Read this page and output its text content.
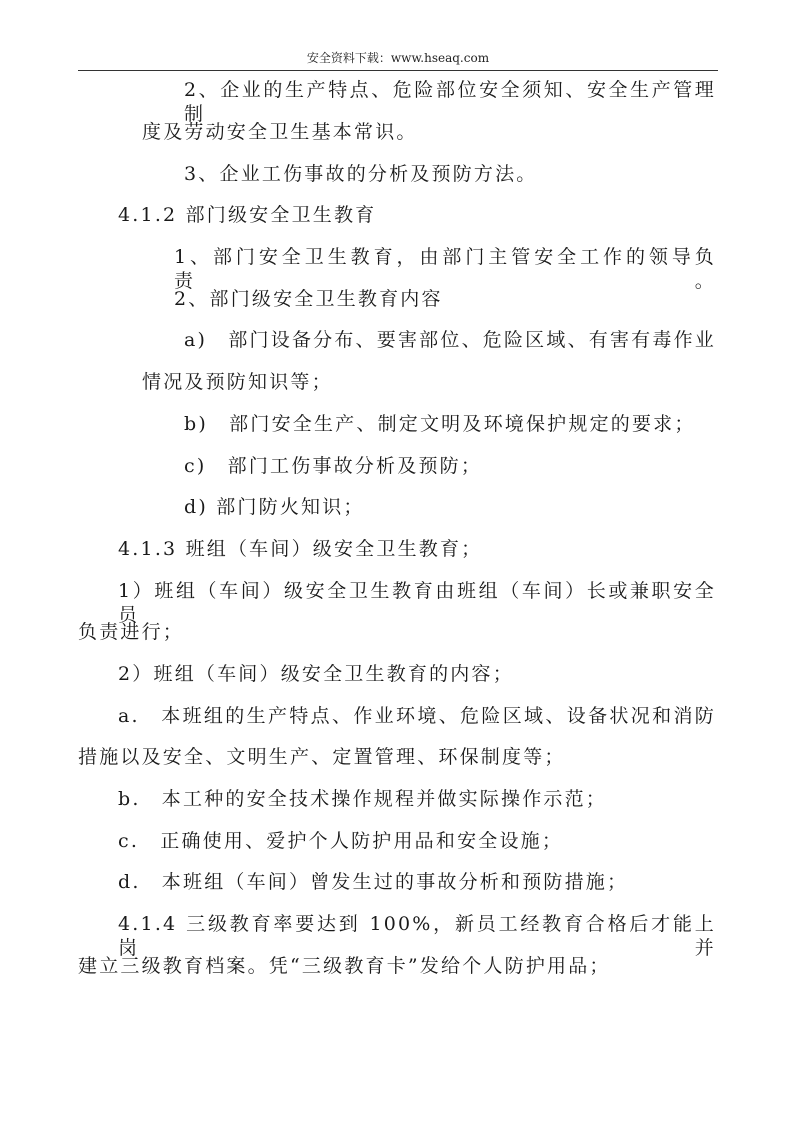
安全资料下载：www.hseaq.com
2、企业的生产特点、危险部位安全须知、安全生产管理制
度及劳动安全卫生基本常识。
3、企业工伤事故的分析及预防方法。
4.1.2 部门级安全卫生教育
1、部门安全卫生教育，由部门主管安全工作的领导负责。
2、部门级安全卫生教育内容
a)　部门设备分布、要害部位、危险区域、有害有毒作业
情况及预防知识等；
b)　部门安全生产、制定文明及环境保护规定的要求；
c)　部门工伤事故分析及预防；
d) 部门防火知识；
4.1.3 班组（车间）级安全卫生教育；
1）班组（车间）级安全卫生教育由班组（车间）长或兼职安全员
负责进行；
2）班组（车间）级安全卫生教育的内容；
a.　本班组的生产特点、作业环境、危险区域、设备状况和消防
措施以及安全、文明生产、定置管理、环保制度等；
b.　本工种的安全技术操作规程并做实际操作示范；
c.　正确使用、爱护个人防护用品和安全设施；
d.　本班组（车间）曾发生过的事故分析和预防措施；
4.1.4 三级教育率要达到 100%，新员工经教育合格后才能上岗并
建立三级教育档案。凭“三级教育卡”发给个人防护用品；
